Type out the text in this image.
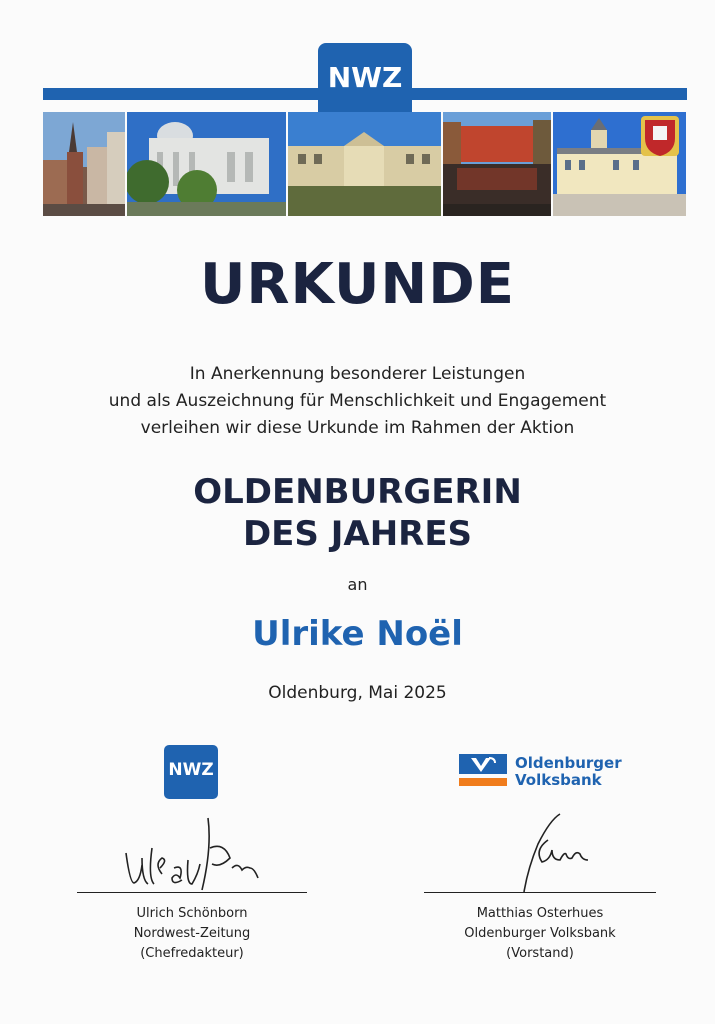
NWZ
URKUNDE
In Anerkennung besonderer Leistungen
und als Auszeichnung für Menschlichkeit und Engagement
verleihen wir diese Urkunde im Rahmen der Aktion
OLDENBURGERIN
DES JAHRES
an
Ulrike Noël
Oldenburg, Mai 2025
NWZ
Ulrich Schönborn
Nordwest-Zeitung
(Chefredakteur)
Oldenburger
Volksbank
Matthias Osterhues
Oldenburger Volksbank
(Vorstand)
